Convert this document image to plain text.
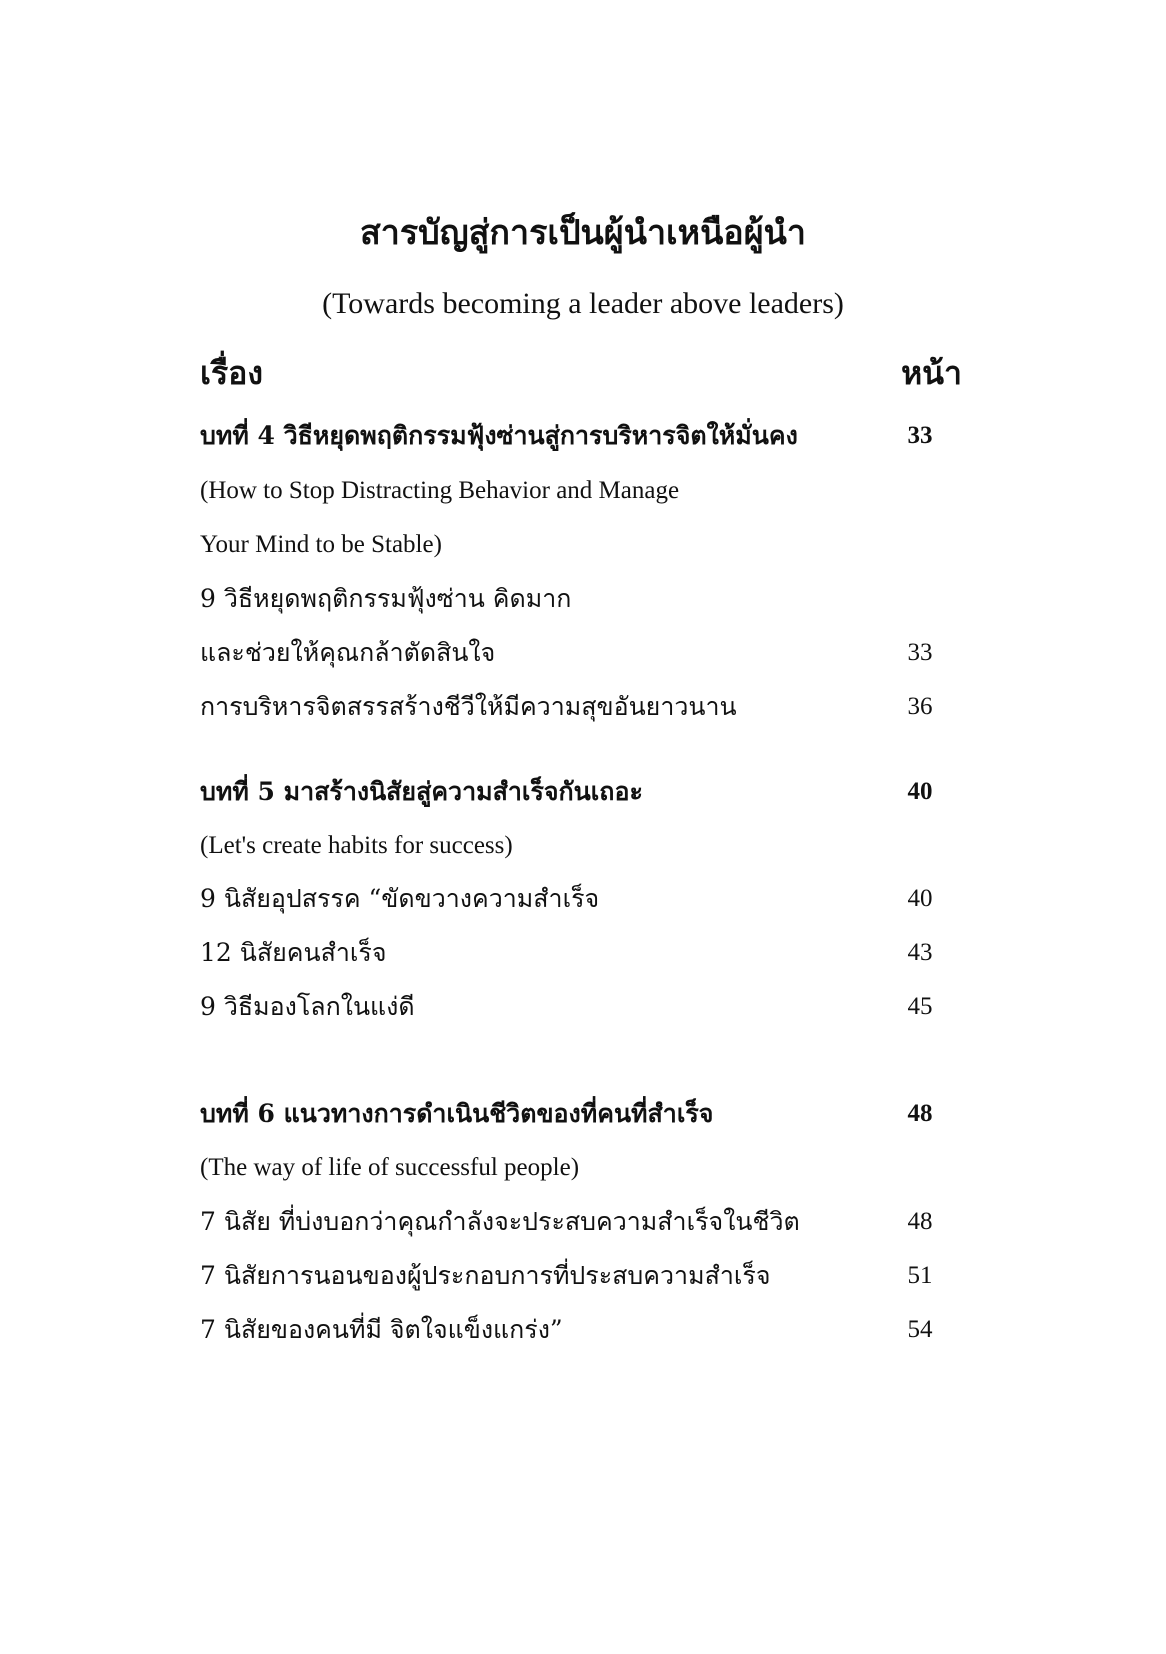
สารบัญสู่การเป็นผู้นำเหนือผู้นำ
(Towards becoming a leader above leaders)
เรื่อง	หน้า
บทที่ 4 วิธีหยุดพฤติกรรมฟุ้งซ่านสู่การบริหารจิตให้มั่นคง	33
(How to Stop Distracting Behavior and Manage
Your Mind to be Stable)
9 วิธีหยุดพฤติกรรมฟุ้งซ่าน คิดมาก
และช่วยให้คุณกล้าตัดสินใจ	33
การบริหารจิตสรรสร้างชีวีให้มีความสุขอันยาวนาน	36
บทที่ 5 มาสร้างนิสัยสู่ความสำเร็จกันเถอะ	40
(Let's create habits for success)
9 นิสัยอุปสรรค “ขัดขวางความสำเร็จ	40
12 นิสัยคนสำเร็จ	43
9 วิธีมองโลกในแง่ดี	45
บทที่ 6 แนวทางการดำเนินชีวิตของที่คนที่สำเร็จ	48
(The way of life of successful people)
7 นิสัย ที่บ่งบอกว่าคุณกำลังจะประสบความสำเร็จในชีวิต	48
7 นิสัยการนอนของผู้ประกอบการที่ประสบความสำเร็จ	51
7 นิสัยของคนที่มี จิตใจแข็งแกร่ง”	54
